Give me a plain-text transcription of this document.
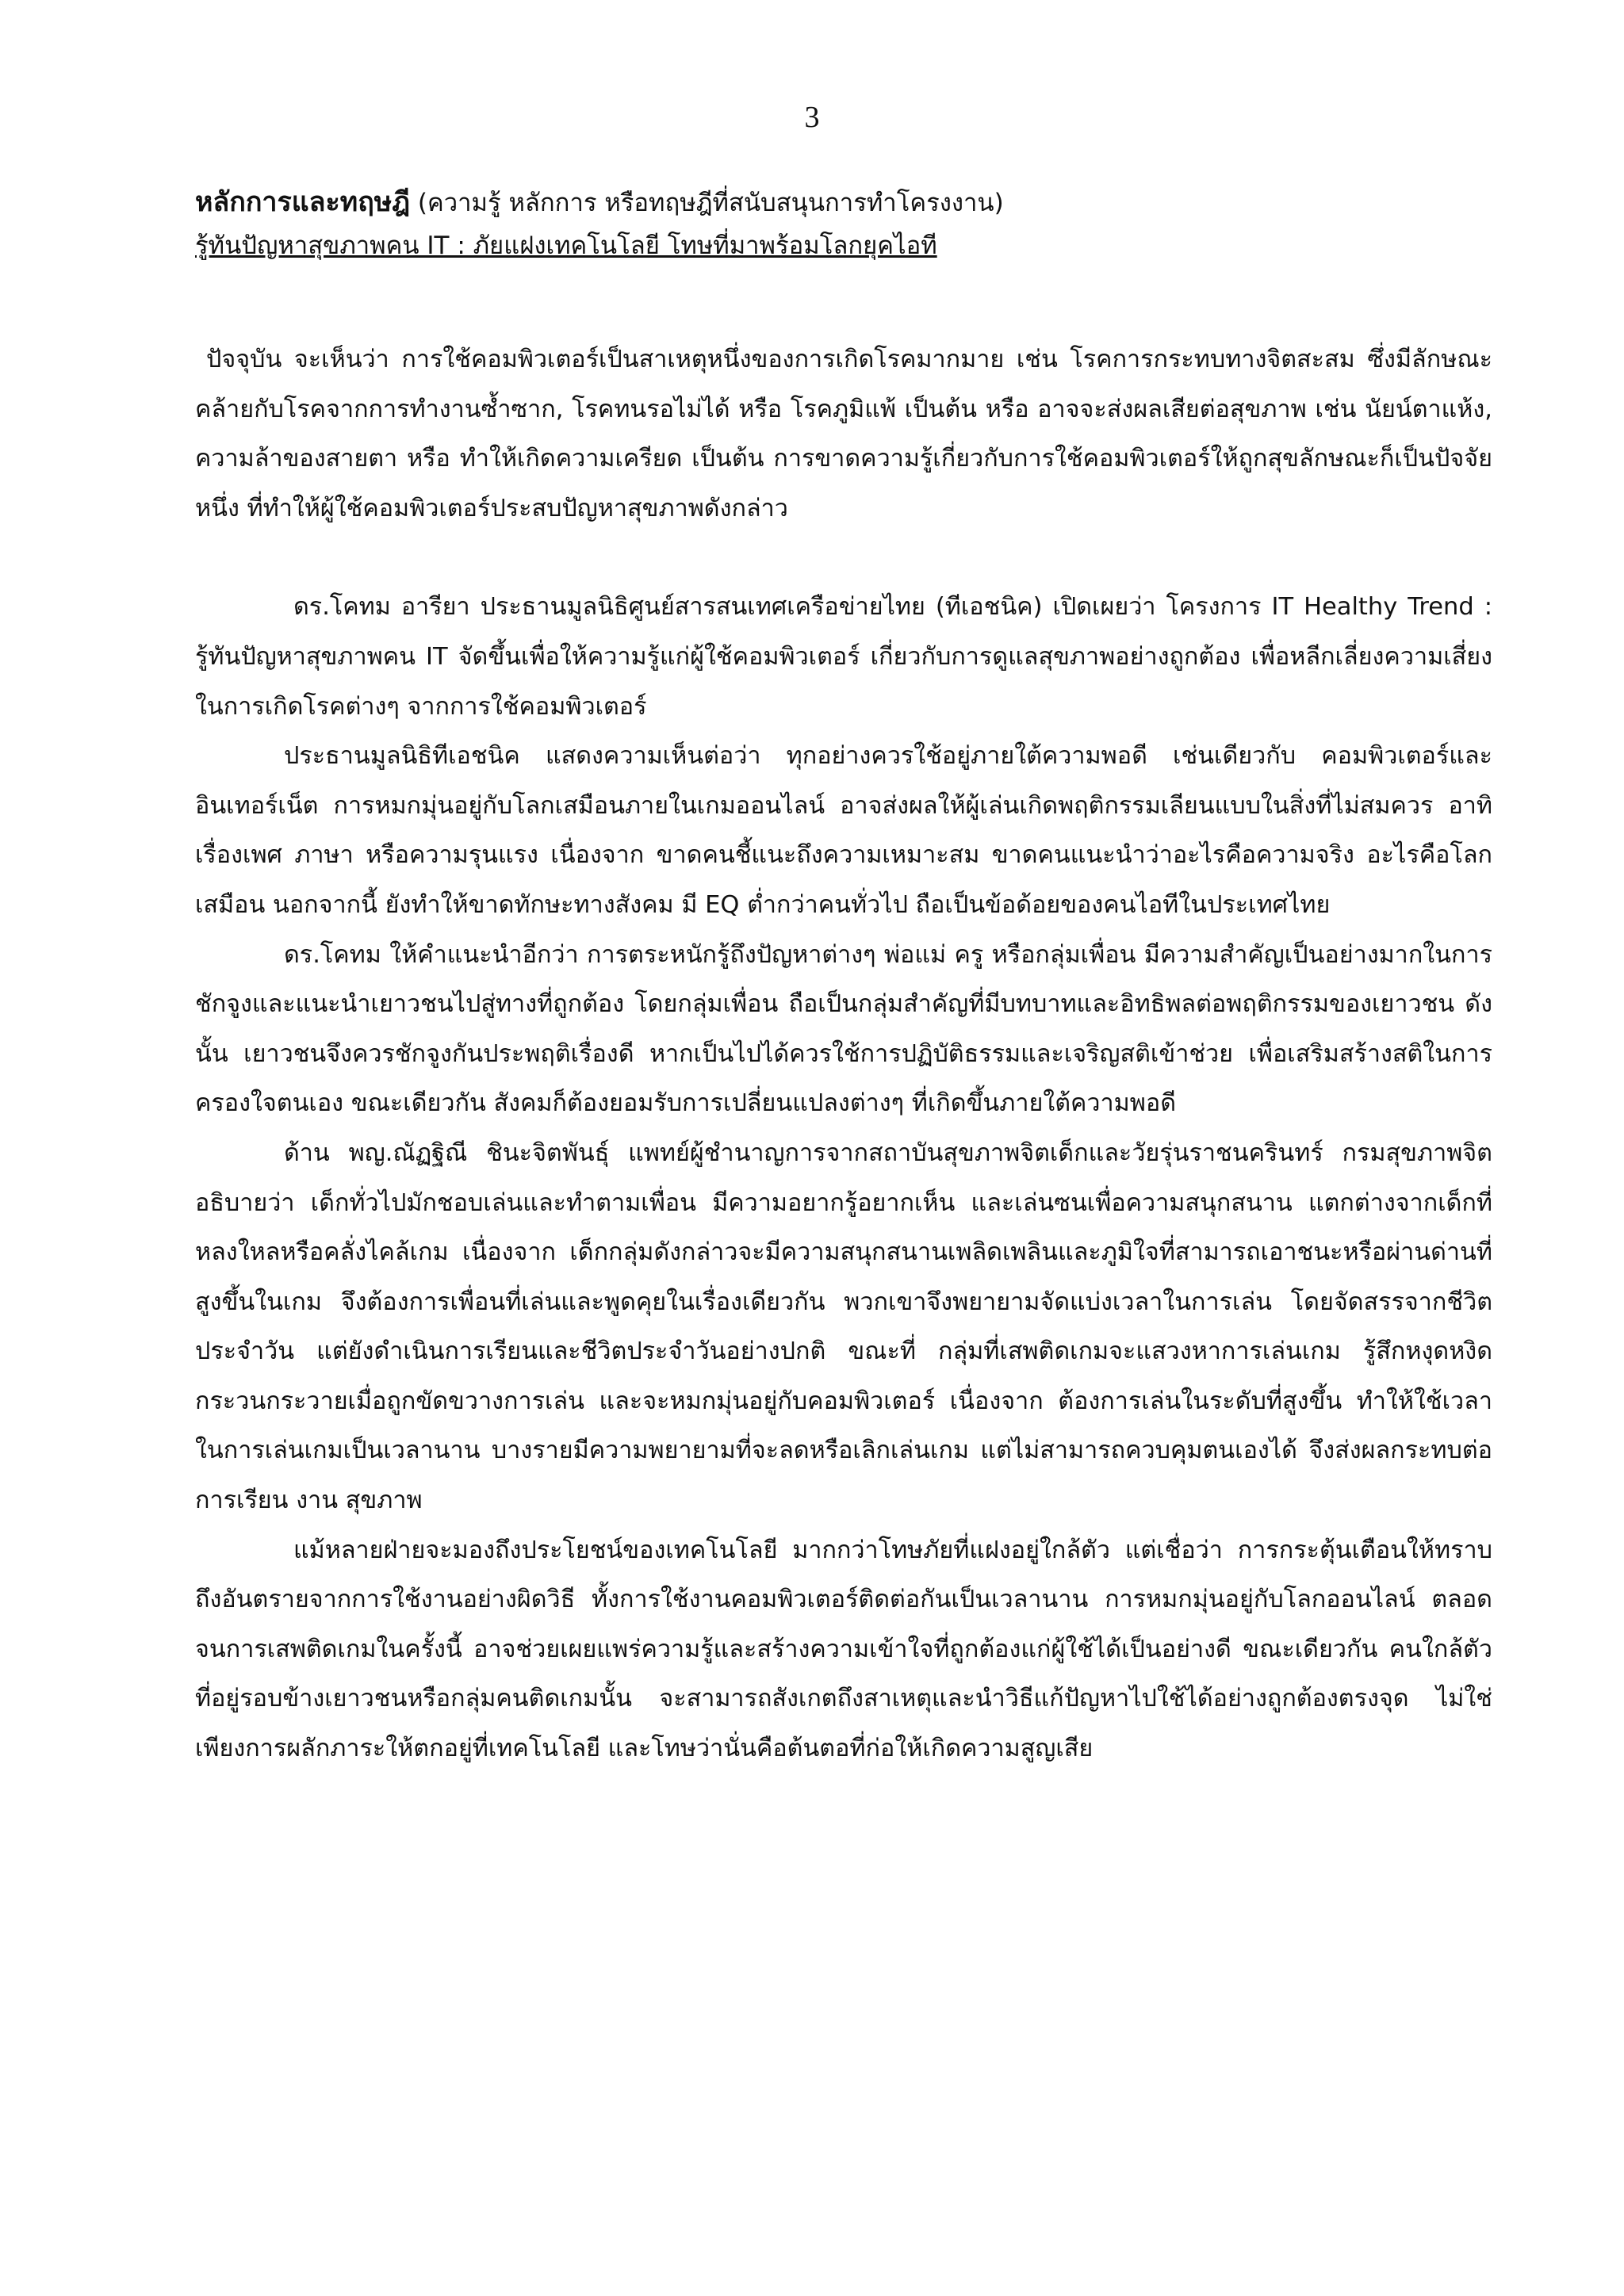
3

หลักการและทฤษฎี (ความรู้ หลักการ หรือทฤษฎีที่สนับสนุนการทำโครงงาน)

รู้ทันปัญหาสุขภาพคน IT : ภัยแฝงเทคโนโลยี โทษที่มาพร้อมโลกยุคไอที

ปัจจุบัน จะเห็นว่า การใช้คอมพิวเตอร์เป็นสาเหตุหนึ่งของการเกิดโรคมากมาย เช่น โรคการกระทบทางจิตสะสม ซึ่งมีลักษณะคล้ายกับโรคจากการทำงานซ้ำซาก, โรคทนรอไม่ได้ หรือ โรคภูมิแพ้ เป็นต้น หรือ อาจจะส่งผลเสียต่อสุขภาพ เช่น นัยน์ตาแห้ง, ความล้าของสายตา หรือ ทำให้เกิดความเครียด เป็นต้น การขาดความรู้เกี่ยวกับการใช้คอมพิวเตอร์ให้ถูกสุขลักษณะก็เป็นปัจจัยหนึ่ง ที่ทำให้ผู้ใช้คอมพิวเตอร์ประสบปัญหาสุขภาพดังกล่าว

ดร.โคทม อารียา ประธานมูลนิธิศูนย์สารสนเทศเครือข่ายไทย (ทีเอชนิค) เปิดเผยว่า โครงการ IT Healthy Trend : รู้ทันปัญหาสุขภาพคน IT จัดขึ้นเพื่อให้ความรู้แก่ผู้ใช้คอมพิวเตอร์ เกี่ยวกับการดูแลสุขภาพอย่างถูกต้อง เพื่อหลีกเลี่ยงความเสี่ยงในการเกิดโรคต่างๆ จากการใช้คอมพิวเตอร์

ประธานมูลนิธิทีเอชนิค แสดงความเห็นต่อว่า ทุกอย่างควรใช้อยู่ภายใต้ความพอดี เช่นเดียวกับ คอมพิวเตอร์และอินเทอร์เน็ต การหมกมุ่นอยู่กับโลกเสมือนภายในเกมออนไลน์ อาจส่งผลให้ผู้เล่นเกิดพฤติกรรมเลียนแบบในสิ่งที่ไม่สมควร อาทิ เรื่องเพศ ภาษา หรือความรุนแรง เนื่องจาก ขาดคนชี้แนะถึงความเหมาะสม ขาดคนแนะนำว่าอะไรคือความจริง อะไรคือโลกเสมือน นอกจากนี้ ยังทำให้ขาดทักษะทางสังคม มี EQ ต่ำกว่าคนทั่วไป ถือเป็นข้อด้อยของคนไอทีในประเทศไทย

ดร.โคทม ให้คำแนะนำอีกว่า การตระหนักรู้ถึงปัญหาต่างๆ พ่อแม่ ครู หรือกลุ่มเพื่อน มีความสำคัญเป็นอย่างมากในการชักจูงและแนะนำเยาวชนไปสู่ทางที่ถูกต้อง โดยกลุ่มเพื่อน ถือเป็นกลุ่มสำคัญที่มีบทบาทและอิทธิพลต่อพฤติกรรมของเยาวชน ดังนั้น เยาวชนจึงควรชักจูงกันประพฤติเรื่องดี หากเป็นไปได้ควรใช้การปฏิบัติธรรมและเจริญสติเข้าช่วย เพื่อเสริมสร้างสติในการครองใจตนเอง ขณะเดียวกัน สังคมก็ต้องยอมรับการเปลี่ยนแปลงต่างๆ ที่เกิดขึ้นภายใต้ความพอดี

ด้าน พญ.ณัฏฐิณี ชินะจิตพันธุ์ แพทย์ผู้ชำนาญการจากสถาบันสุขภาพจิตเด็กและวัยรุ่นราชนครินทร์ กรมสุขภาพจิต อธิบายว่า เด็กทั่วไปมักชอบเล่นและทำตามเพื่อน มีความอยากรู้อยากเห็น และเล่นซนเพื่อความสนุกสนาน แตกต่างจากเด็กที่หลงใหลหรือคลั่งไคล้เกม เนื่องจาก เด็กกลุ่มดังกล่าวจะมีความสนุกสนานเพลิดเพลินและภูมิใจที่สามารถเอาชนะหรือผ่านด่านที่สูงขึ้นในเกม จึงต้องการเพื่อนที่เล่นและพูดคุยในเรื่องเดียวกัน พวกเขาจึงพยายามจัดแบ่งเวลาในการเล่น โดยจัดสรรจากชีวิตประจำวัน แต่ยังดำเนินการเรียนและชีวิตประจำวันอย่างปกติ ขณะที่ กลุ่มที่เสพติดเกมจะแสวงหาการเล่นเกม รู้สึกหงุดหงิดกระวนกระวายเมื่อถูกขัดขวางการเล่น และจะหมกมุ่นอยู่กับคอมพิวเตอร์ เนื่องจาก ต้องการเล่นในระดับที่สูงขึ้น ทำให้ใช้เวลาในการเล่นเกมเป็นเวลานาน บางรายมีความพยายามที่จะลดหรือเลิกเล่นเกม แต่ไม่สามารถควบคุมตนเองได้ จึงส่งผลกระทบต่อการเรียน งาน สุขภาพ

แม้หลายฝ่ายจะมองถึงประโยชน์ของเทคโนโลยี มากกว่าโทษภัยที่แฝงอยู่ใกล้ตัว แต่เชื่อว่า การกระตุ้นเตือนให้ทราบถึงอันตรายจากการใช้งานอย่างผิดวิธี ทั้งการใช้งานคอมพิวเตอร์ติดต่อกันเป็นเวลานาน การหมกมุ่นอยู่กับโลกออนไลน์ ตลอดจนการเสพติดเกมในครั้งนี้ อาจช่วยเผยแพร่ความรู้และสร้างความเข้าใจที่ถูกต้องแก่ผู้ใช้ได้เป็นอย่างดี ขณะเดียวกัน คนใกล้ตัวที่อยู่รอบข้างเยาวชนหรือกลุ่มคนติดเกมนั้น จะสามารถสังเกตถึงสาเหตุและนำวิธีแก้ปัญหาไปใช้ได้อย่างถูกต้องตรงจุด ไม่ใช่เพียงการผลักภาระให้ตกอยู่ที่เทคโนโลยี และโทษว่านั่นคือต้นตอที่ก่อให้เกิดความสูญเสีย
